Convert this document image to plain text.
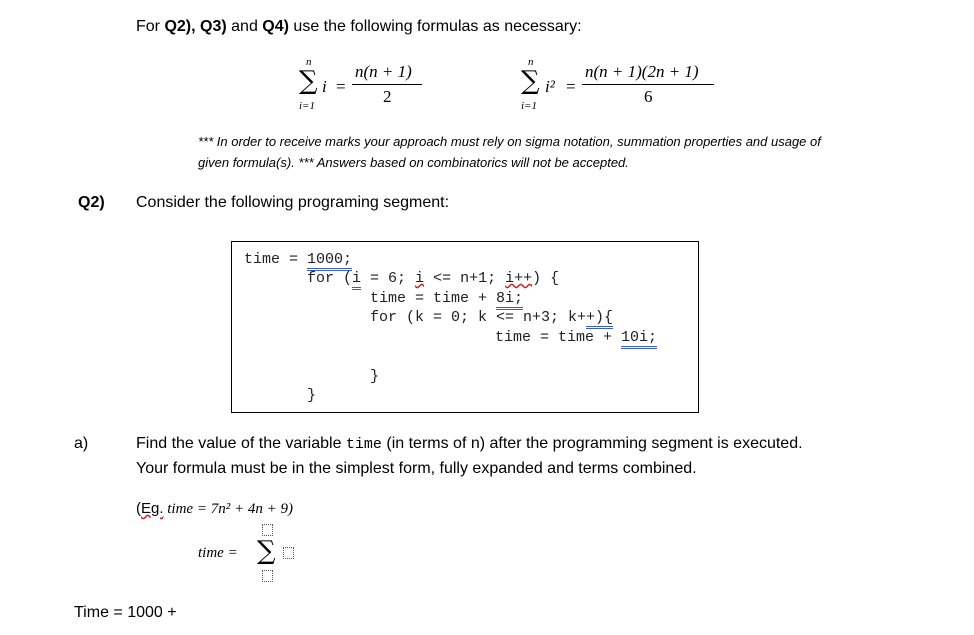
For Q2), Q3) and Q4) use the following formulas as necessary:
n
∑
i=1
i =
n(n + 1)
2
n
∑
i=1
i² =
n(n + 1)(2n + 1)
6
*** In order to receive marks your approach must rely on sigma notation, summation properties and usage of
given formula(s). *** Answers based on combinatorics will not be accepted.
Q2) Consider the following programing segment:
time = 1000;
for (i = 6; i <= n+1; i++) {
time = time + 8i;
for (k = 0; k <= n+3; k++){
time = time + 10i;
}
}
a)	Find the value of the variable time (in terms of n) after the programming segment is executed.
Your formula must be in the simplest form, fully expanded and terms combined.
(Eg. time = 7n² + 4n + 9)
time = ∑
Time = 1000 +
